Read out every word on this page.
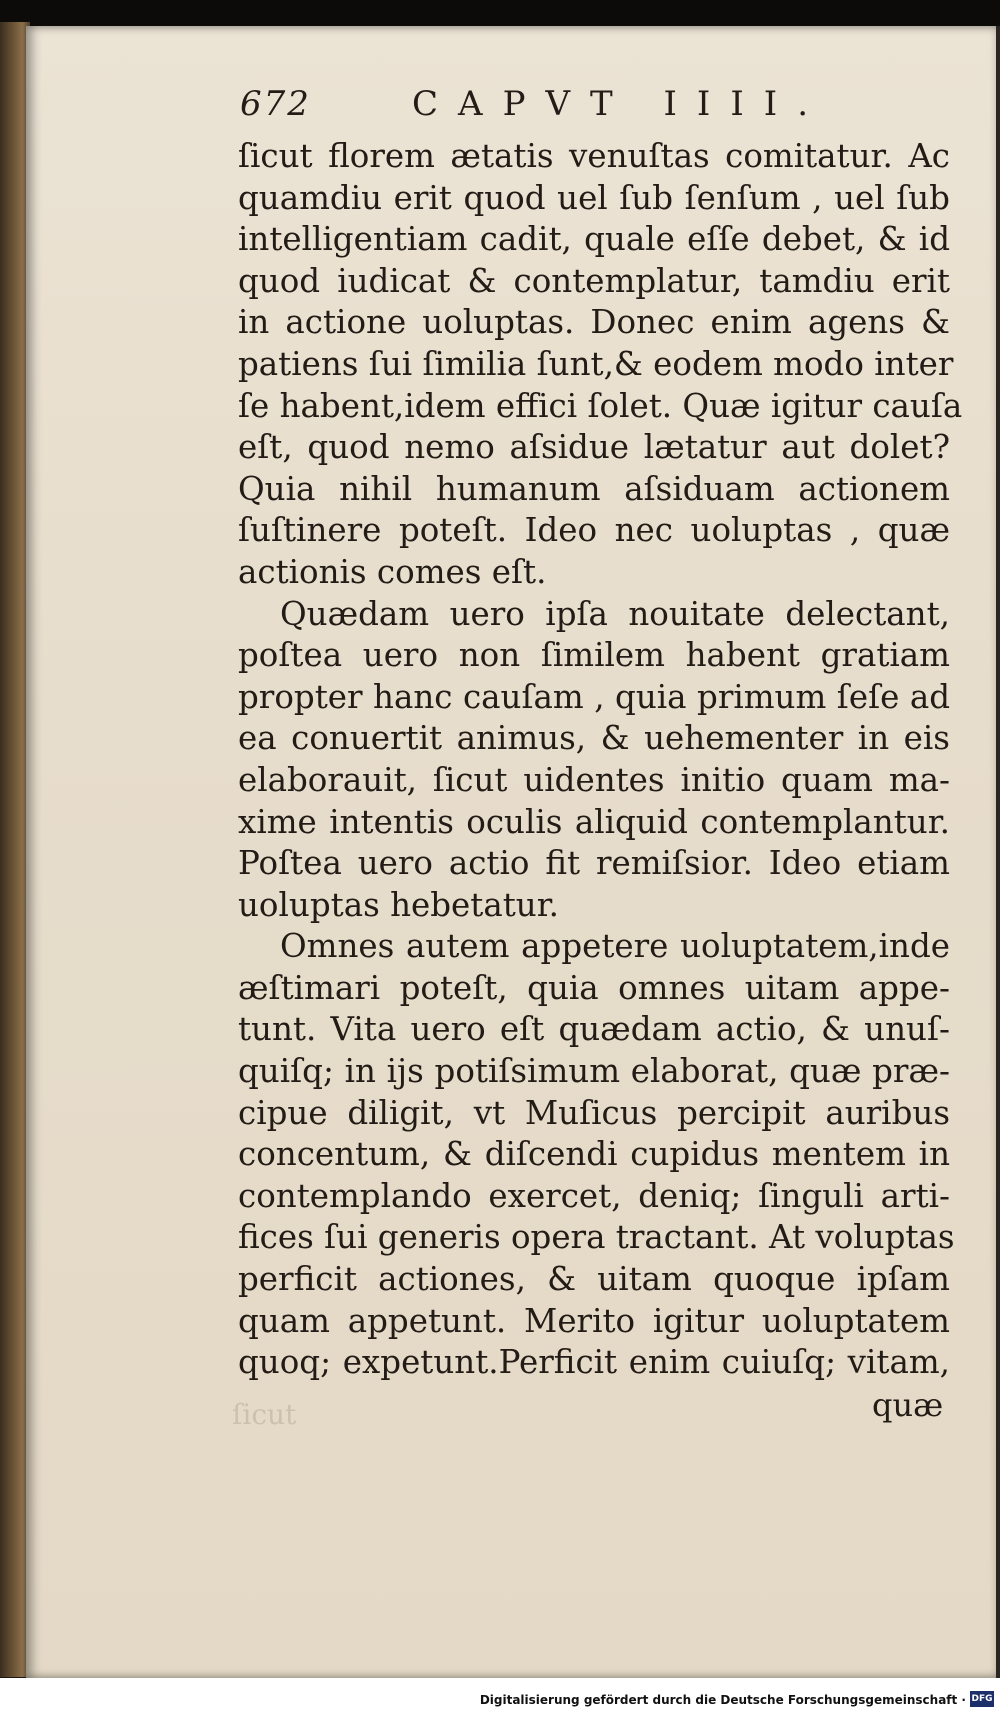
672	CAPVT IIII.
ſicut florem ætatis venuſtas comitatur. Ac
quamdiu erit quod uel ſub ſenſum , uel ſub
intelligentiam cadit, quale eſſe debet, & id
quod iudicat & contemplatur, tamdiu erit
in actione uoluptas. Donec enim agens &
patiens ſui ſimilia ſunt,& eodem modo inter
ſe habent,idem effici ſolet. Quæ igitur cauſa
eſt, quod nemo aſsidue lætatur aut dolet?
Quia nihil humanum aſsiduam actionem
ſuſtinere poteſt. Ideo nec uoluptas , quæ
actionis comes eſt.
Quædam uero ipſa nouitate delectant,
poſtea uero non ſimilem habent gratiam
propter hanc cauſam , quia primum ſeſe ad
ea conuertit animus, & uehementer in eis
elaborauit, ſicut uidentes initio quam ma-
xime intentis oculis aliquid contemplantur.
Poſtea uero actio fit remiſsior. Ideo etiam
uoluptas hebetatur.
Omnes autem appetere uoluptatem,inde
æſtimari poteſt, quia omnes uitam appe-
tunt. Vita uero eſt quædam actio, & unuſ-
quiſq; in ijs potiſsimum elaborat, quæ præ-
cipue diligit, vt Muſicus percipit auribus
concentum, & diſcendi cupidus mentem in
contemplando exercet, deniq; ſinguli arti-
fices ſui generis opera tractant. At voluptas
perficit actiones, & uitam quoque ipſam
quam appetunt. Merito igitur uoluptatem
quoq; expetunt.Perficit enim cuiuſq; vitam,
ſicut	quæ
Digitalisierung gefördert durch die Deutsche Forschungsgemeinschaft · DFG
